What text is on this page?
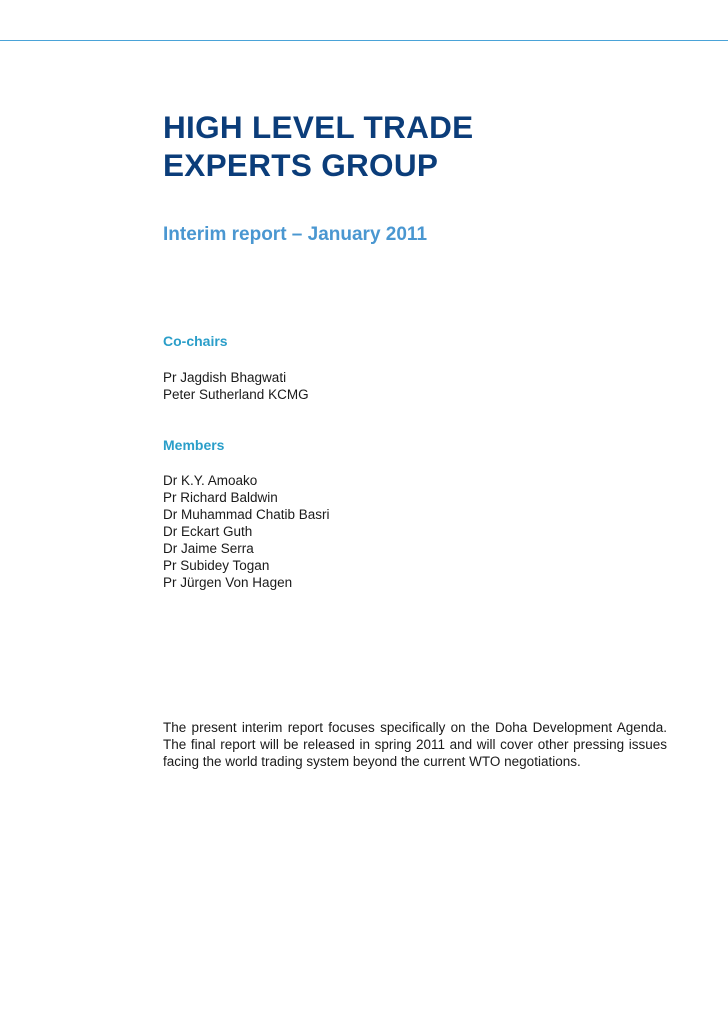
HIGH LEVEL TRADE
EXPERTS GROUP
Interim report – January 2011
Co-chairs
Pr Jagdish Bhagwati
Peter Sutherland KCMG
Members
Dr K.Y. Amoako
Pr Richard Baldwin
Dr Muhammad Chatib Basri
Dr Eckart Guth
Dr Jaime Serra
Pr Subidey Togan
Pr Jürgen Von Hagen

The present interim report focuses specifically on the Doha Development Agenda. The final report will be released in spring 2011 and will cover other pressing issues facing the world trading system beyond the current WTO negotiations.
